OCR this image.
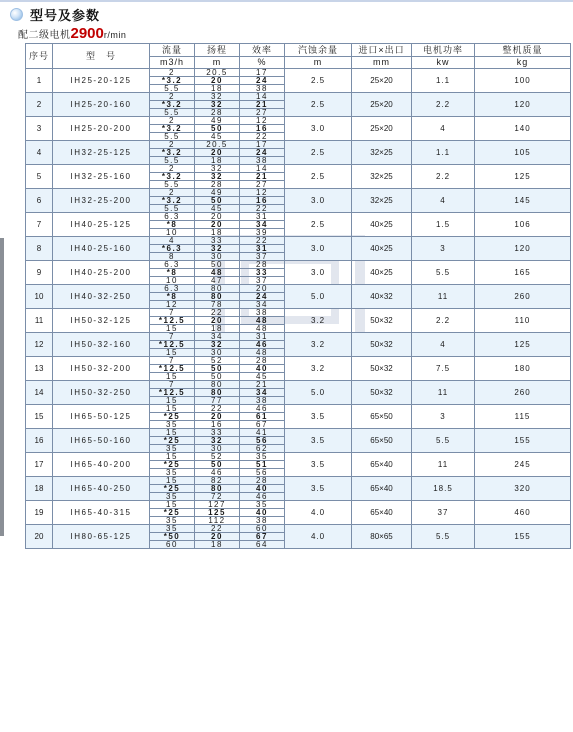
型号及参数
配二级电机2900r/min
序号	型　号	流量	扬程	效率	汽蚀余量	进口×出口	电机功率	整机质量
		m3/h	m	%	m	mm	kw	kg
1	IH25-20-125	2	20.5	17	2.5	25×20	1.1	100
		*3.2	20	24				
		5.5	18	38				
2	IH25-20-160	2	32	14	2.5	25×20	2.2	120
		*3.2	32	21				
		5.5	28	27				
3	IH25-20-200	2	49	12	3.0	25×20	4	140
		*3.2	50	16				
		5.5	45	22				
4	IH32-25-125	2	20.5	17	2.5	32×25	1.1	105
		*3.2	20	24				
		5.5	18	38				
5	IH32-25-160	2	32	14	2.5	32×25	2.2	125
		*3.2	32	21				
		5.5	28	27				
6	IH32-25-200	2	49	12	3.0	32×25	4	145
		*3.2	50	16				
		5.5	45	22				
7	IH40-25-125	6.3	20	31	2.5	40×25	1.5	106
		*8	20	34				
		10	18	39				
8	IH40-25-160	4	33	22	3.0	40×25	3	120
		*6.3	32	31				
		8	30	37				
9	IH40-25-200	6.3	50	28	3.0	40×25	5.5	165
		*8	48	33				
		10	47	37				
10	IH40-32-250	6.3	80	20	5.0	40×32	11	260
		*8	80	24				
		12	78	34				
11	IH50-32-125	7	22	38	3.2	50×32	2.2	110
		*12.5	20	48				
		15	18	48				
12	IH50-32-160	7	34	31	3.2	50×32	4	125
		*12.5	32	46				
		15	30	48				
13	IH50-32-200	7	52	28	3.2	50×32	7.5	180
		*12.5	50	40				
		15	50	45				
14	IH50-32-250	7	80	21	5.0	50×32	11	260
		*12.5	80	34				
		15	77	38				
15	IH65-50-125	15	22	46	3.5	65×50	3	115
		*25	20	61				
		35	16	67				
16	IH65-50-160	15	33	41	3.5	65×50	5.5	155
		*25	32	56				
		35	30	62				
17	IH65-40-200	15	52	35	3.5	65×40	11	245
		*25	50	51				
		35	46	56				
18	IH65-40-250	15	82	28	3.5	65×40	18.5	320
		*25	80	40				
		35	72	46				
19	IH65-40-315	15	127	35	4.0	65×40	37	460
		*25	125	40				
		35	112	38				
20	IH80-65-125	35	22	60	4.0	80×65	5.5	155
		*50	20	67				
		60	18	64				
